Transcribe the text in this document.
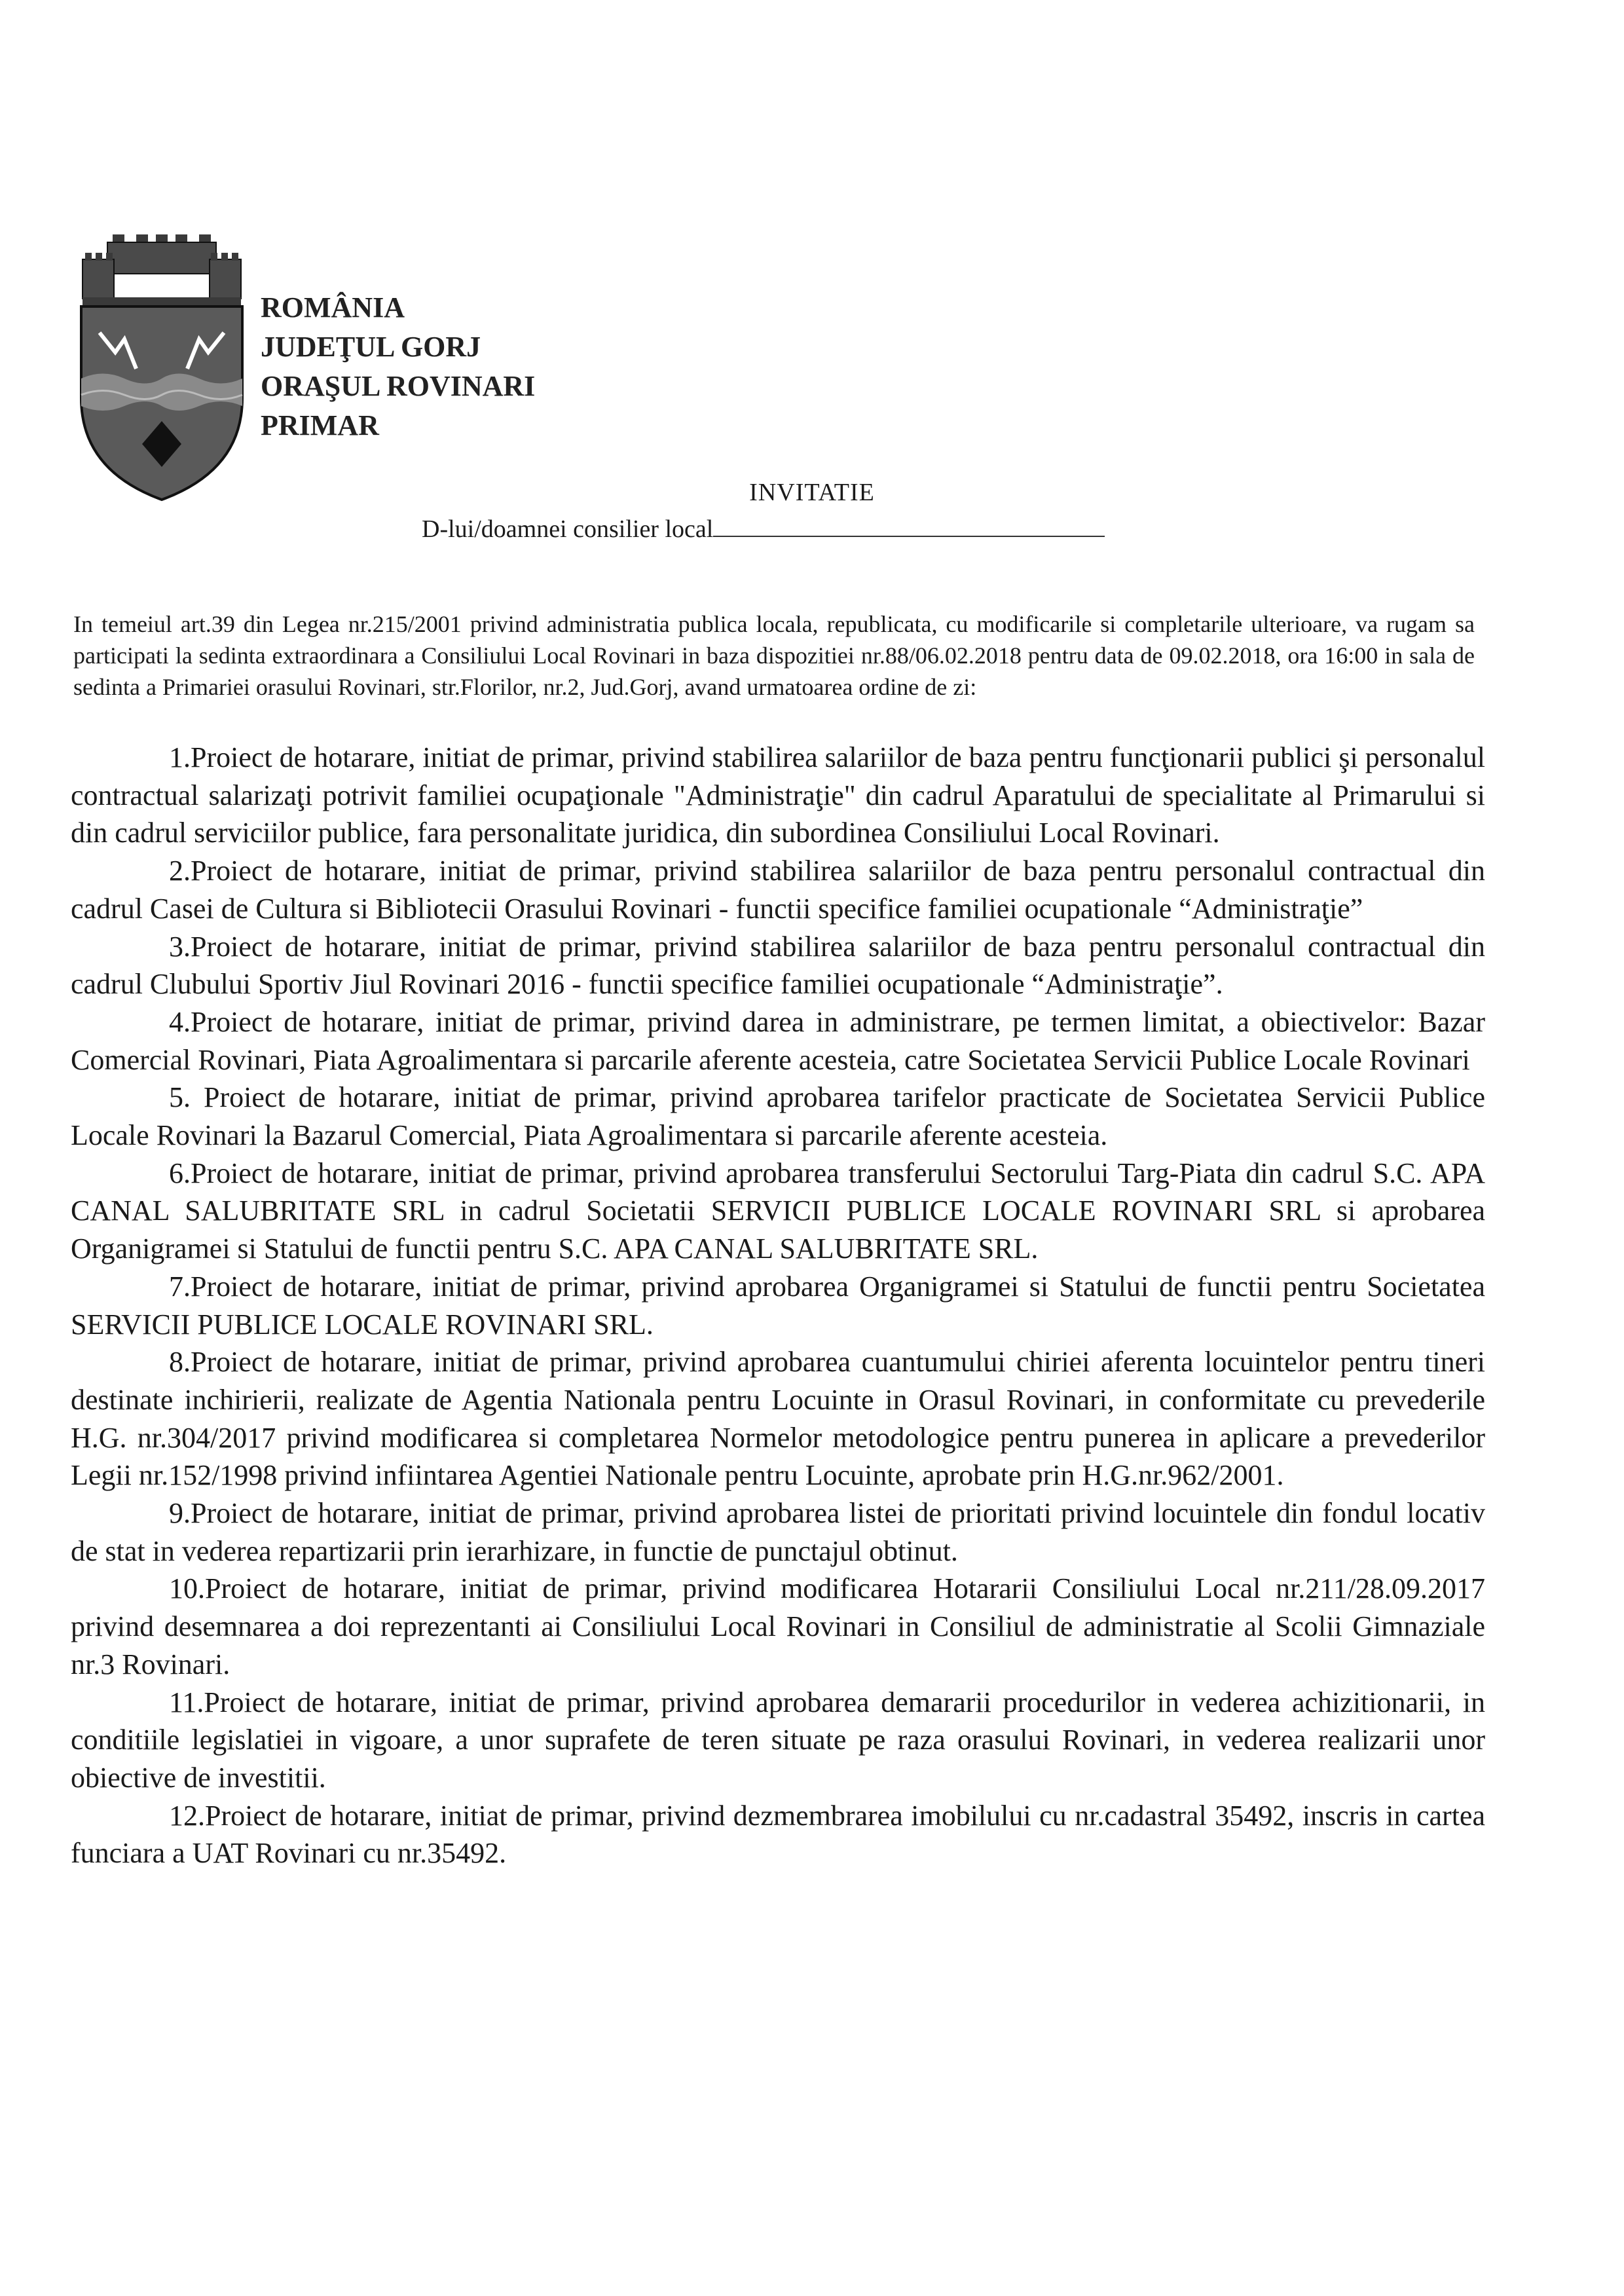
ROMÂNIA
JUDEŢUL GORJ
ORAŞUL ROVINARI
PRIMAR
INVITATIE
D-lui/doamnei consilier local

In temeiul art.39 din Legea nr.215/2001 privind administratia publica locala, republicata, cu modificarile si completarile ulterioare, va rugam sa participati la sedinta extraordinara a Consiliului Local Rovinari in baza dispozitiei nr.88/06.02.2018 pentru data de 09.02.2018, ora 16:00 in sala de sedinta a Primariei orasului Rovinari, str.Florilor, nr.2, Jud.Gorj, avand urmatoarea ordine de zi:

1.Proiect de hotarare, initiat de primar, privind stabilirea salariilor de baza pentru funcţionarii publici şi personalul contractual salarizaţi potrivit familiei ocupaţionale "Administraţie" din cadrul Aparatului de specialitate al Primarului si din cadrul serviciilor publice, fara personalitate juridica, din subordinea Consiliului Local Rovinari.

2.Proiect de hotarare, initiat de primar, privind stabilirea salariilor de baza pentru personalul contractual din cadrul Casei de Cultura si Bibliotecii Orasului Rovinari - functii specifice familiei ocupationale “Administraţie”

3.Proiect de hotarare, initiat de primar, privind stabilirea salariilor de baza pentru personalul contractual din cadrul Clubului Sportiv Jiul Rovinari 2016 - functii specifice familiei ocupationale “Administraţie”.

4.Proiect de hotarare, initiat de primar, privind darea in administrare, pe termen limitat, a obiectivelor: Bazar Comercial Rovinari, Piata Agroalimentara si parcarile aferente acesteia, catre Societatea Servicii Publice Locale Rovinari

5. Proiect de hotarare, initiat de primar, privind aprobarea tarifelor practicate de Societatea Servicii Publice Locale Rovinari la Bazarul Comercial, Piata Agroalimentara si parcarile aferente acesteia.

6.Proiect de hotarare, initiat de primar, privind aprobarea transferului Sectorului Targ-Piata din cadrul S.C. APA CANAL SALUBRITATE SRL in cadrul Societatii SERVICII PUBLICE LOCALE ROVINARI SRL si aprobarea Organigramei si Statului de functii pentru S.C. APA CANAL SALUBRITATE SRL.

7.Proiect de hotarare, initiat de primar, privind aprobarea Organigramei si Statului de functii pentru Societatea SERVICII PUBLICE LOCALE ROVINARI SRL.

8.Proiect de hotarare, initiat de primar, privind aprobarea cuantumului chiriei aferenta locuintelor pentru tineri destinate inchirierii, realizate de Agentia Nationala pentru Locuinte in Orasul Rovinari, in conformitate cu prevederile H.G. nr.304/2017 privind modificarea si completarea Normelor metodologice pentru punerea in aplicare a prevederilor Legii nr.152/1998 privind infiintarea Agentiei Nationale pentru Locuinte, aprobate prin H.G.nr.962/2001.

9.Proiect de hotarare, initiat de primar, privind aprobarea listei de prioritati privind locuintele din fondul locativ de stat in vederea repartizarii prin ierarhizare, in functie de punctajul obtinut.

10.Proiect de hotarare, initiat de primar, privind modificarea Hotararii Consiliului Local nr.211/28.09.2017 privind desemnarea a doi reprezentanti ai Consiliului Local Rovinari in Consiliul de administratie al Scolii Gimnaziale nr.3 Rovinari.

11.Proiect de hotarare, initiat de primar, privind aprobarea demararii procedurilor in vederea achizitionarii, in conditiile legislatiei in vigoare, a unor suprafete de teren situate pe raza orasului Rovinari, in vederea realizarii unor obiective de investitii.

12.Proiect de hotarare, initiat de primar, privind dezmembrarea imobilului cu nr.cadastral 35492, inscris in cartea funciara a UAT Rovinari cu nr.35492.
